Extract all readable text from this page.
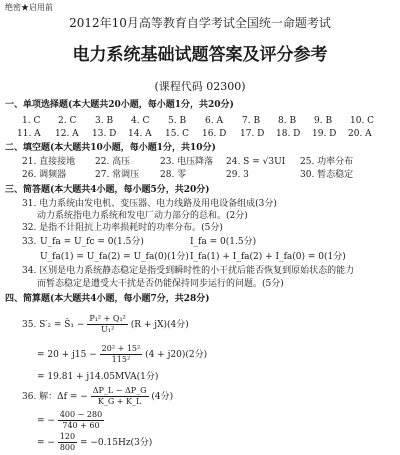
绝密★启用前
2012年10月高等教育自学考试全国统一命题考试
电力系统基础试题答案及评分参考
(课程代码 02300)
一、单项选择题(本大题共20小题，每小题1分，共20分)
1. C 2. C 3. B 4. C 5. B 6. A 7. B 8. B 9. B 10. C
11. A 12. A 13. D 14. A 15. C 16. D 17. D 18. D 19. D 20. A
二、填空题(本大题共10小题，每小题1分，共10分)
21. 直接接地 22. 高压	23. 电压降落 24. S = √3UI 25. 功率分布
26. 调频器	27. 常调压 28. 零	29. 3	30. 暂态稳定
三、简答题(本大题共4小题，每小题5分，共20分)
31. 电力系统由发电机、变压器、电力线路及用电设备组成(3分)
动力系统指电力系统和发电厂动力部分的总和。(2分)
32. 是指不计阻抗上功率损耗时的功率分布。(5分)
33. U_fa = U_fc = 0(1.5分)	I_fa = 0(1.5分)
U_fa(1) = U_fa(2) = U_fa(0)(1分) I_fa(1) + I_fa(2) + I_fa(0) = 0(1分)
34. 区别是电力系统静态稳定是指受到瞬时性的小干扰后能否恢复到原始状态的能力
而暂态稳定是遭受大干扰是否仍能保持同步运行的问题。(5分)
四、简算题(本大题共4小题，每小题7分，共28分)
35. S′₂ = Ŝ₁ − $\frac{\text{P₁² + Q₁²}}{\text{U₁²}} (R + jX)(4$分)
= $20 + j15 - \frac{\text{20² + 15²}}{\text{115²}} (4 + j20)(2$分)
= 19.81 + j14.05MVA(1分)
36. 解：Δf = − $\frac{\Delta P\_L - \Delta P\_G}{K\_G + K\_L} (4$分)
= − $\frac{400 - 280}{740 + 60}$
= − $\frac{120}{800} = -0.15Hz(3$分)
